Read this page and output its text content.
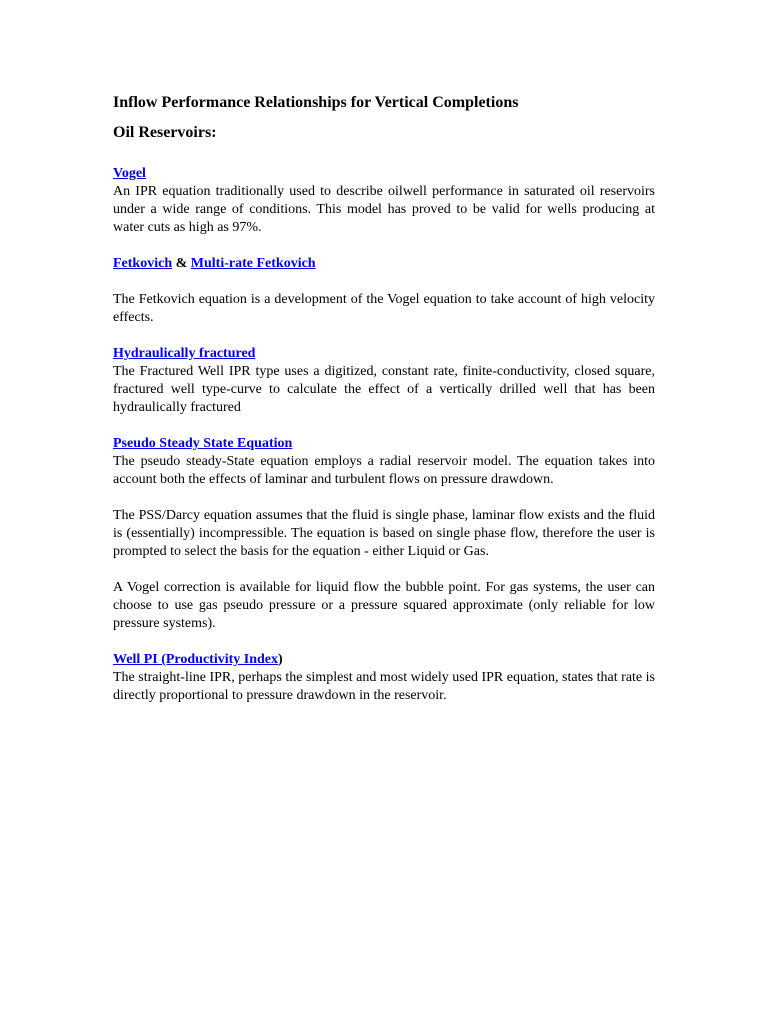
Inflow Performance Relationships for Vertical Completions
Oil Reservoirs:

Vogel

An IPR equation traditionally used to describe oilwell performance in saturated oil reservoirs under a wide range of conditions. This model has proved to be valid for wells producing at water cuts as high as 97%.

Fetkovich & Multi-rate Fetkovich

The Fetkovich equation is a development of the Vogel equation to take account of high velocity effects.

Hydraulically fractured

The Fractured Well IPR type uses a digitized, constant rate, finite-conductivity, closed square, fractured well type-curve to calculate the effect of a vertically drilled well that has been hydraulically fractured

Pseudo Steady State Equation

The pseudo steady-State equation employs a radial reservoir model. The equation takes into account both the effects of laminar and turbulent flows on pressure drawdown.

The PSS/Darcy equation assumes that the fluid is single phase, laminar flow exists and the fluid is (essentially) incompressible. The equation is based on single phase flow, therefore the user is prompted to select the basis for the equation - either Liquid or Gas.

A Vogel correction is available for liquid flow the bubble point. For gas systems, the user can choose to use gas pseudo pressure or a pressure squared approximate (only reliable for low pressure systems).

Well PI (Productivity Index)

The straight-line IPR, perhaps the simplest and most widely used IPR equation, states that rate is directly proportional to pressure drawdown in the reservoir.
